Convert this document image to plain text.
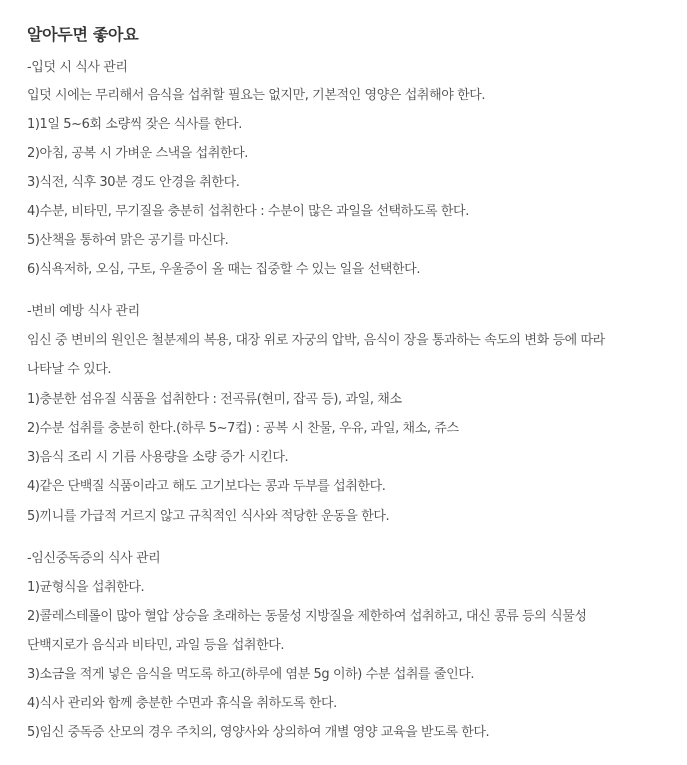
알아두면 좋아요
-입덧 시 식사 관리
입덧 시에는 무리해서 음식을 섭취할 필요는 없지만, 기본적인 영양은 섭취해야 한다.
1)1일 5~6회 소량씩 잦은 식사를 한다.
2)아침, 공복 시 가벼운 스낵을 섭취한다.
3)식전, 식후 30분 경도 안경을 취한다.
4)수분, 비타민, 무기질을 충분히 섭취한다 : 수분이 많은 과일을 선택하도록 한다.
5)산책을 통하여 맑은 공기를 마신다.
6)식욕저하, 오심, 구토, 우울증이 올 때는 집중할 수 있는 일을 선택한다.
-변비 예방 식사 관리
임신 중 변비의 원인은 철분제의 복용, 대장 위로 자궁의 압박, 음식이 장을 통과하는 속도의 변화 등에 따라
나타날 수 있다.
1)충분한 섬유질 식품을 섭취한다 : 전곡류(현미, 잡곡 등), 과일, 채소
2)수분 섭취를 충분히 한다.(하루 5~7컵) : 공복 시 찬물, 우유, 과일, 채소, 쥬스
3)음식 조리 시 기름 사용량을 소량 증가 시킨다.
4)같은 단백질 식품이라고 해도 고기보다는 콩과 두부를 섭취한다.
5)끼니를 가급적 거르지 않고 규칙적인 식사와 적당한 운동을 한다.
-임신중독증의 식사 관리
1)균형식을 섭취한다.
2)콜레스테롤이 많아 혈압 상승을 초래하는 동물성 지방질을 제한하여 섭취하고, 대신 콩류 등의 식물성
단백지로가 음식과 비타민, 과일 등을 섭취한다.
3)소금을 적게 넣은 음식을 먹도록 하고(하루에 염분 5g 이하) 수분 섭취를 줄인다.
4)식사 관리와 함께 충분한 수면과 휴식을 취하도록 한다.
5)임신 중독증 산모의 경우 주치의, 영양사와 상의하여 개별 영양 교육을 받도록 한다.
